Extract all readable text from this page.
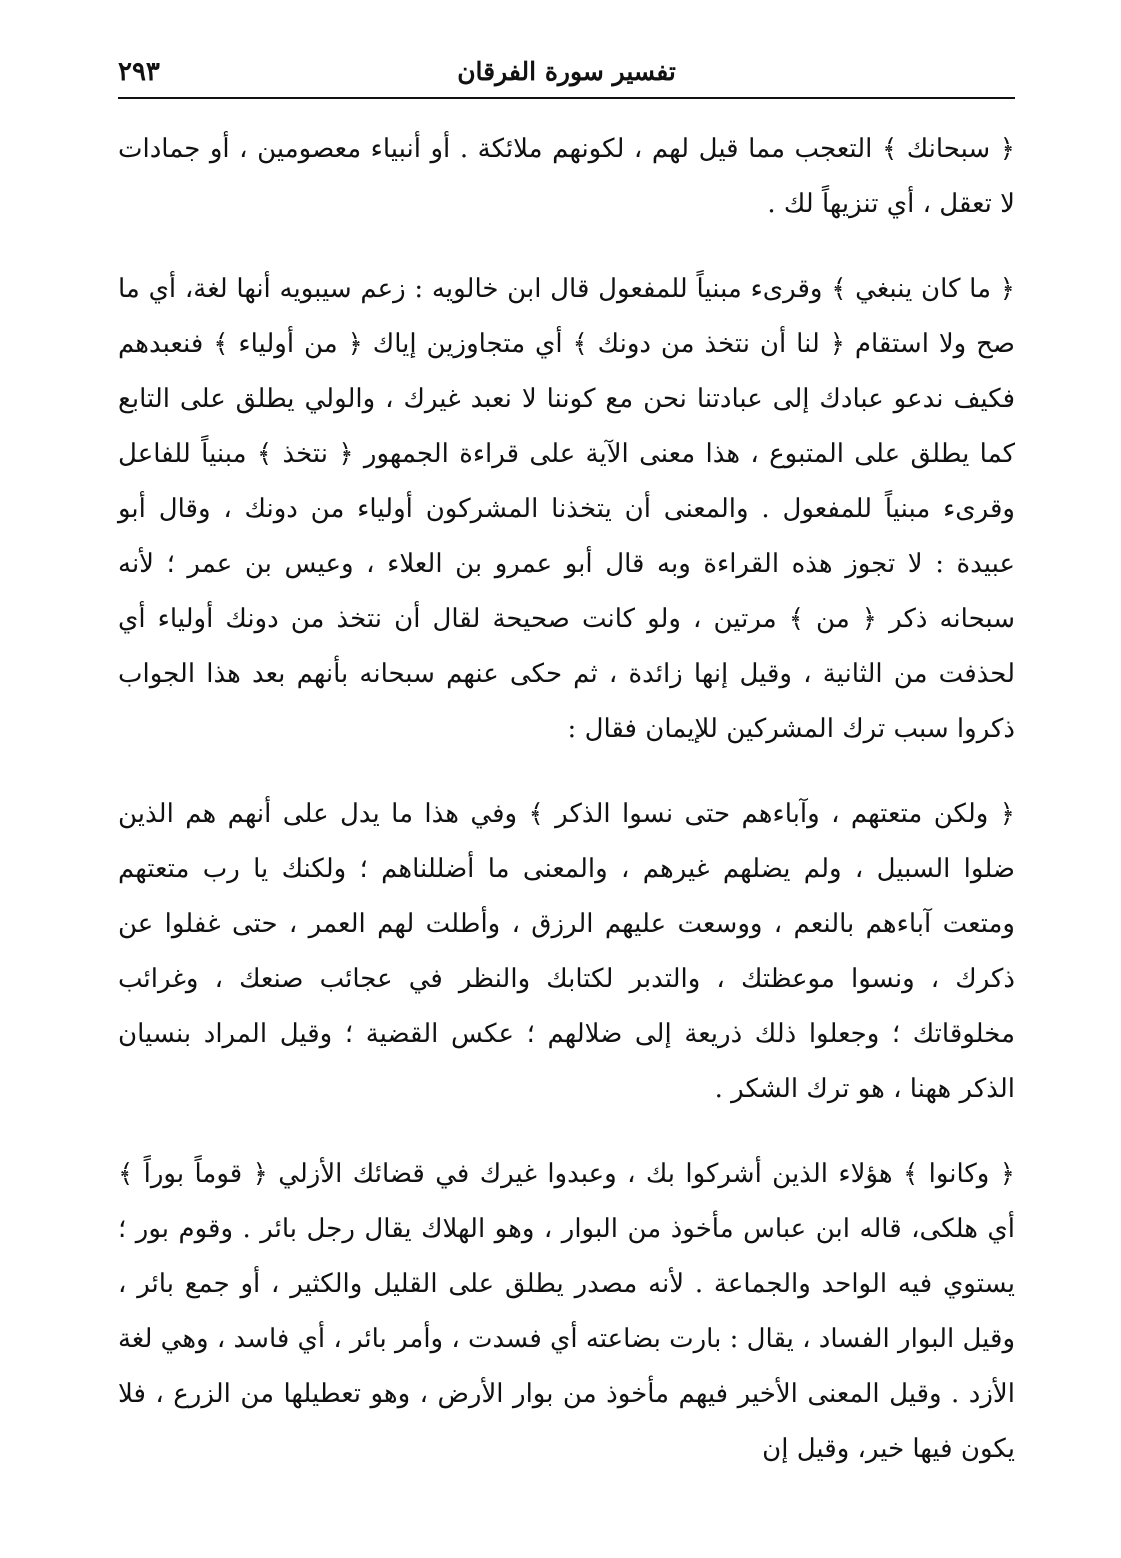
٢٩٣	تفسير سورة الفرقان

﴿ سبحانك ﴾ التعجب مما قيل لهم ، لكونهم ملائكة . أو أنبياء معصومين ، أو جمادات لا تعقل ، أي تنزيهاً لك .

﴿ ما كان ينبغي ﴾ وقرىء مبنياً للمفعول قال ابن خالويه : زعم سيبويه أنها لغة، أي ما صح ولا استقام ﴿ لنا أن نتخذ من دونك ﴾ أي متجاوزين إياك ﴿ من أولياء ﴾ فنعبدهم فكيف ندعو عبادك إلى عبادتنا نحن مع كوننا لا نعبد غيرك ، والولي يطلق على التابع كما يطلق على المتبوع ، هذا معنى الآية على قراءة الجمهور ﴿ نتخذ ﴾ مبنياً للفاعل وقرىء مبنياً للمفعول . والمعنى أن يتخذنا المشركون أولياء من دونك ، وقال أبو عبيدة : لا تجوز هذه القراءة وبه قال أبو عمرو بن العلاء ، وعيس بن عمر ؛ لأنه سبحانه ذكر ﴿ من ﴾ مرتين ، ولو كانت صحيحة لقال أن نتخذ من دونك أولياء أي لحذفت من الثانية ، وقيل إنها زائدة ، ثم حكى عنهم سبحانه بأنهم بعد هذا الجواب ذكروا سبب ترك المشركين للإيمان فقال :

﴿ ولكن متعتهم ، وآباءهم حتى نسوا الذكر ﴾ وفي هذا ما يدل على أنهم هم الذين ضلوا السبيل ، ولم يضلهم غيرهم ، والمعنى ما أضللناهم ؛ ولكنك يا رب متعتهم ومتعت آباءهم بالنعم ، ووسعت عليهم الرزق ، وأطلت لهم العمر ، حتى غفلوا عن ذكرك ، ونسوا موعظتك ، والتدبر لكتابك والنظر في عجائب صنعك ، وغرائب مخلوقاتك ؛ وجعلوا ذلك ذريعة إلى ضلالهم ؛ عكس القضية ؛ وقيل المراد بنسيان الذكر ههنا ، هو ترك الشكر .

﴿ وكانوا ﴾ هؤلاء الذين أشركوا بك ، وعبدوا غيرك في قضائك الأزلي ﴿ قوماً بوراً ﴾ أي هلكى، قاله ابن عباس مأخوذ من البوار ، وهو الهلاك يقال رجل بائر . وقوم بور ؛ يستوي فيه الواحد والجماعة . لأنه مصدر يطلق على القليل والكثير ، أو جمع بائر ، وقيل البوار الفساد ، يقال : بارت بضاعته أي فسدت ، وأمر بائر ، أي فاسد ، وهي لغة الأزد . وقيل المعنى الأخير فيهم مأخوذ من بوار الأرض ، وهو تعطيلها من الزرع ، فلا يكون فيها خير، وقيل إن
